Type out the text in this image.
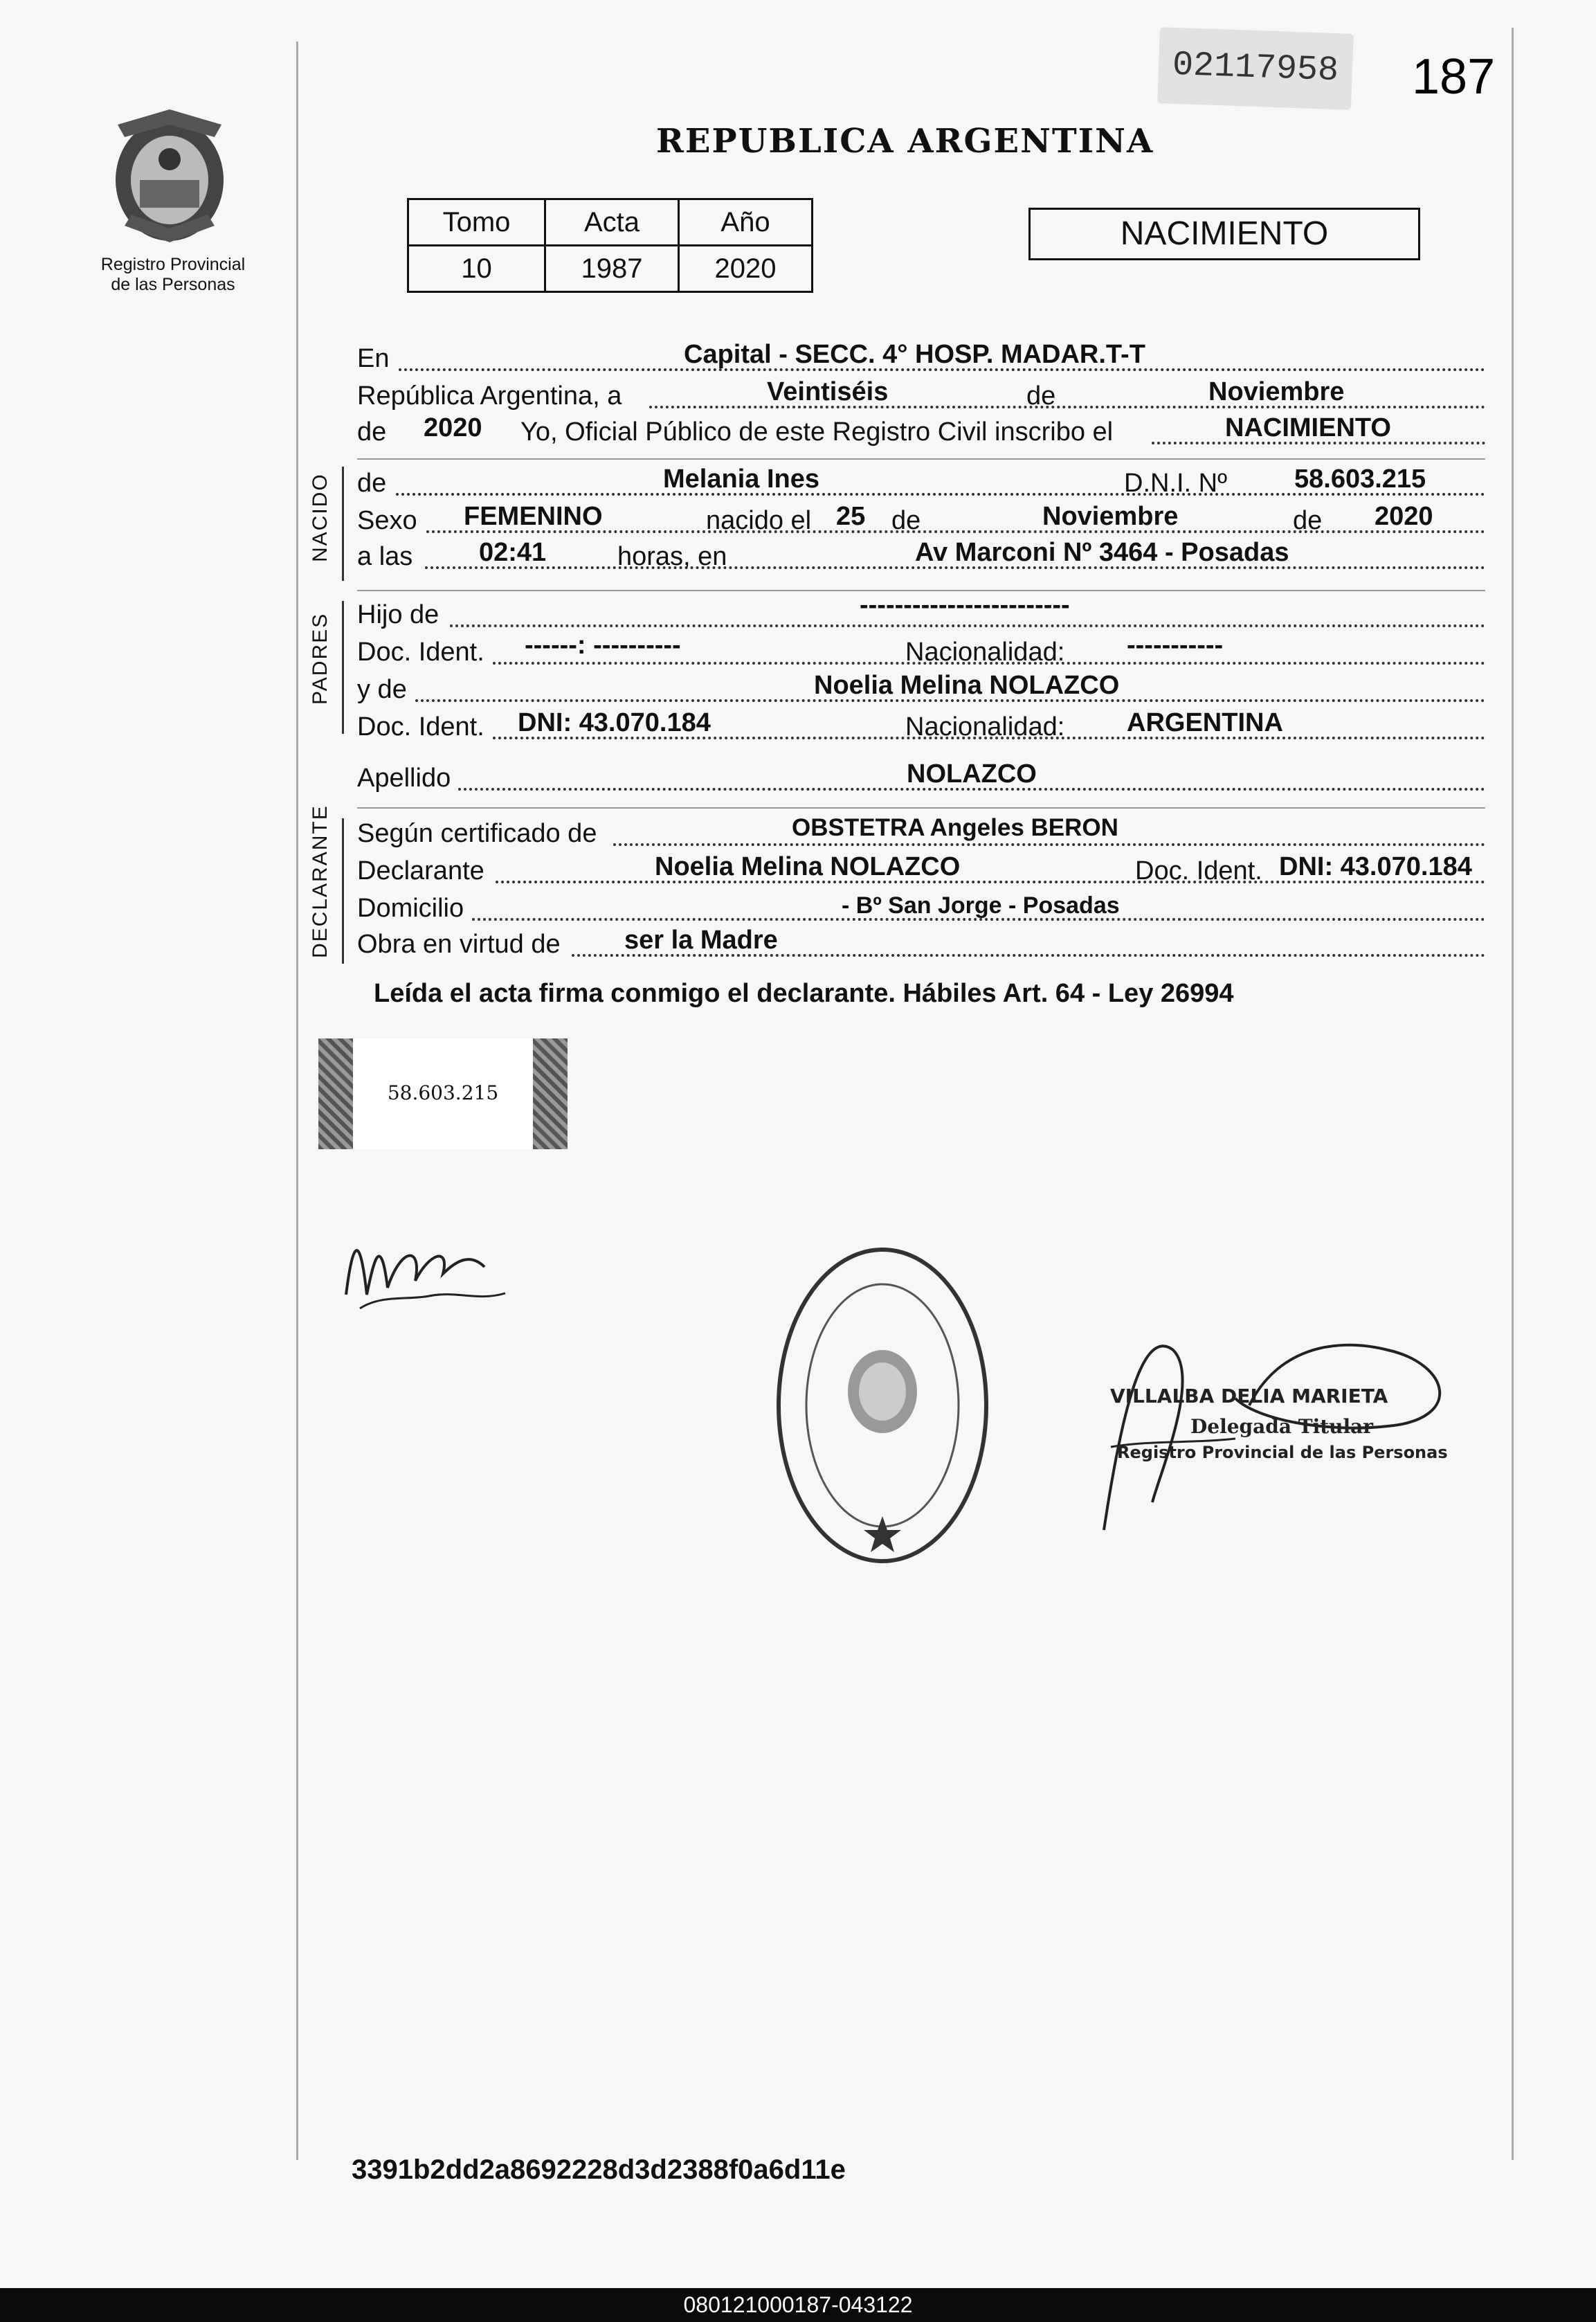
Registro Provincial
de las Personas
02117958 187
REPUBLICA ARGENTINA
Tomo	Acta	Año
10	1987	2020
NACIMIENTO
En	Capital - SECC. 4° HOSP. MADAR.T-T
República Argentina, a	Veintiséis	de	Noviembre
de 2020 Yo, Oficial Público de este Registro Civil inscribo el	NACIMIENTO
NACIDO de	Melania Ines	D.N.I. Nº	58.603.215
Sexo FEMENINO	nacido el 25 de	Noviembre	de 2020
a las	02:41	horas, en	Av Marconi Nº 3464 - Posadas
PADRES Hijo de	------------------------
Doc. Ident. ------: ----------	Nacionalidad: -----------
y de	Noelia Melina NOLAZCO
Doc. Ident. DNI: 43.070.184	Nacionalidad: ARGENTINA
Apellido	NOLAZCO
DECLARANTE Según certificado de	OBSTETRA Angeles BERON
Declarante	Noelia Melina NOLAZCO	Doc. Ident. DNI: 43.070.184
Domicilio	- Bº San Jorge - Posadas
Obra en virtud de ser la Madre
Leída el acta firma conmigo el declarante. Hábiles Art. 64 - Ley 26994
58.603.215
VILLALBA DELIA MARIETA
Delegada Titular
Registro Provincial de las Personas
3391b2dd2a8692228d3d2388f0a6d11e
080121000187-043122
